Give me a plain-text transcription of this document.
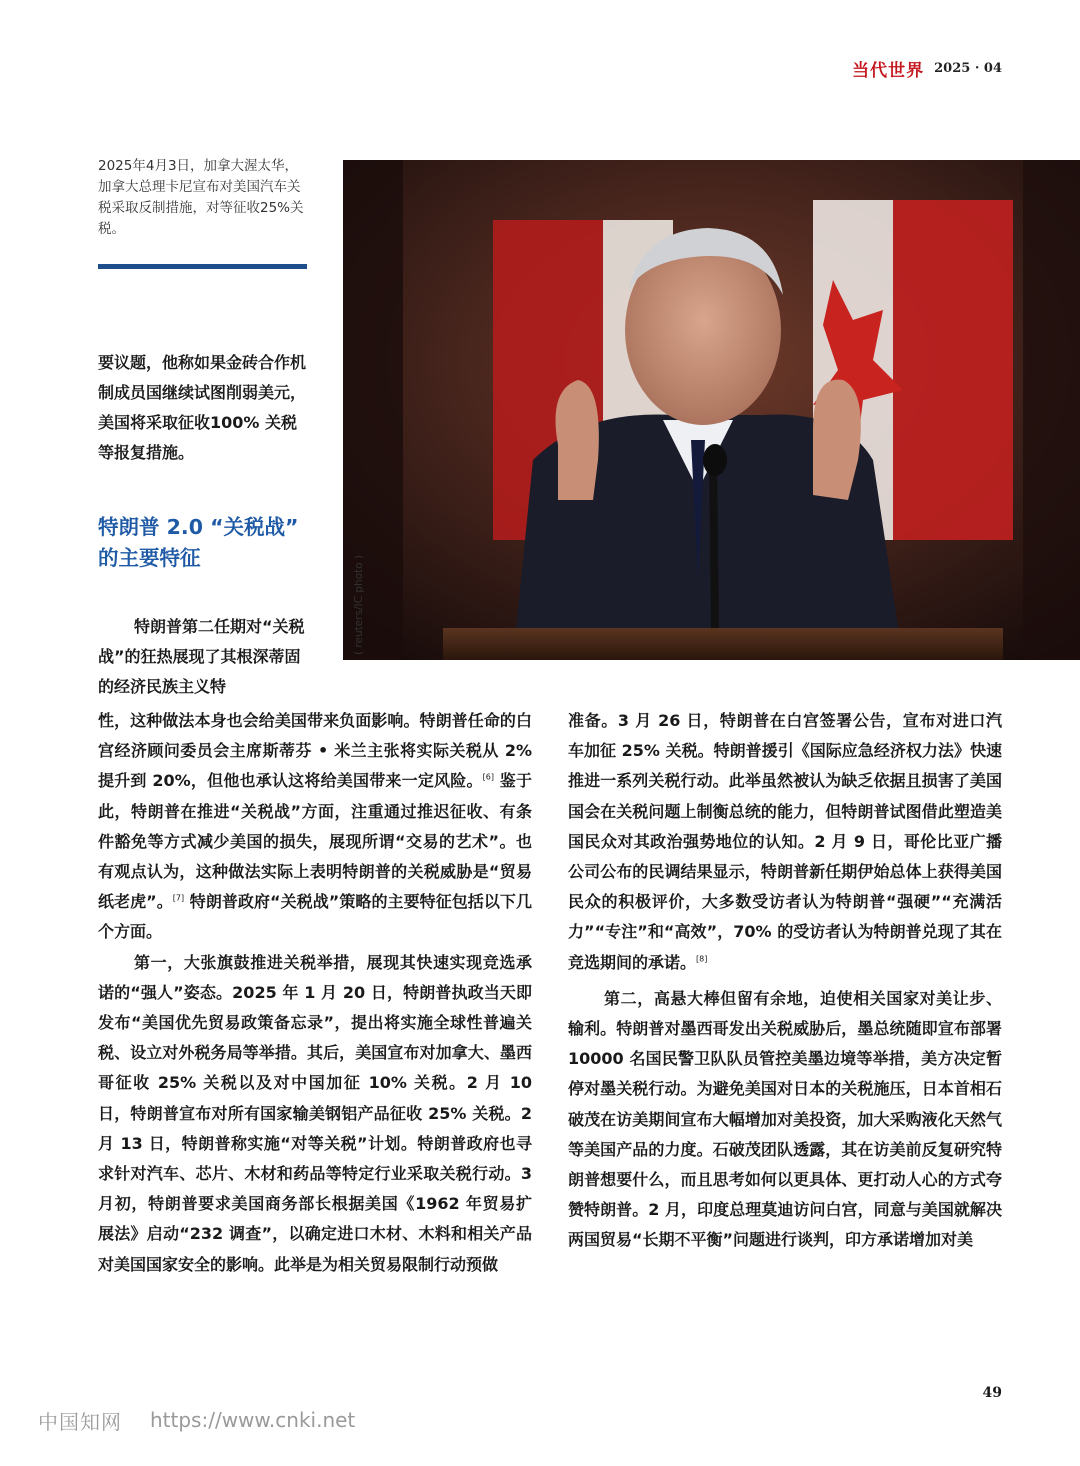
当代世界 2025 · 04
2025年4月3日，加拿大渥太华，加拿大总理卡尼宣布对美国汽车关税采取反制措施，对等征收25%关税。
( reuters/IC photo )

要议题，他称如果金砖合作机制成员国继续试图削弱美元，美国将采取征收100% 关税等报复措施。

特朗普 2.0 “关税战”
的主要特征

特朗普第二任期对“关税战”的狂热展现了其根深蒂固的经济民族主义特

性，这种做法本身也会给美国带来负面影响。特朗普任命的白宫经济顾问委员会主席斯蒂芬 • 米兰主张将实际关税从 2% 提升到 20%，但他也承认这将给美国带来一定风险。[6] 鉴于此，特朗普在推进“关税战”方面，注重通过推迟征收、有条件豁免等方式减少美国的损失，展现所谓“交易的艺术”。也有观点认为，这种做法实际上表明特朗普的关税威胁是“贸易纸老虎”。[7] 特朗普政府“关税战”策略的主要特征包括以下几个方面。

第一，大张旗鼓推进关税举措，展现其快速实现竞选承诺的“强人”姿态。2025 年 1 月 20 日，特朗普执政当天即发布“美国优先贸易政策备忘录”，提出将实施全球性普遍关税、设立对外税务局等举措。其后，美国宣布对加拿大、墨西哥征收 25% 关税以及对中国加征 10% 关税。2 月 10 日，特朗普宣布对所有国家输美钢铝产品征收 25% 关税。2 月 13 日，特朗普称实施“对等关税”计划。特朗普政府也寻求针对汽车、芯片、木材和药品等特定行业采取关税行动。3 月初，特朗普要求美国商务部长根据美国《1962 年贸易扩展法》启动“232 调查”，以确定进口木材、木料和相关产品对美国国家安全的影响。此举是为相关贸易限制行动预做

准备。3 月 26 日，特朗普在白宫签署公告，宣布对进口汽车加征 25% 关税。特朗普援引《国际应急经济权力法》快速推进一系列关税行动。此举虽然被认为缺乏依据且损害了美国国会在关税问题上制衡总统的能力，但特朗普试图借此塑造美国民众对其政治强势地位的认知。2 月 9 日，哥伦比亚广播公司公布的民调结果显示，特朗普新任期伊始总体上获得美国民众的积极评价，大多数受访者认为特朗普“强硬”“充满活力”“专注”和“高效”，70% 的受访者认为特朗普兑现了其在竞选期间的承诺。[8]

第二，高悬大棒但留有余地，迫使相关国家对美让步、输利。特朗普对墨西哥发出关税威胁后，墨总统随即宣布部署 10000 名国民警卫队队员管控美墨边境等举措，美方决定暂停对墨关税行动。为避免美国对日本的关税施压，日本首相石破茂在访美期间宣布大幅增加对美投资，加大采购液化天然气等美国产品的力度。石破茂团队透露，其在访美前反复研究特朗普想要什么，而且思考如何以更具体、更打动人心的方式夸赞特朗普。2 月，印度总理莫迪访问白宫，同意与美国就解决两国贸易“长期不平衡”问题进行谈判，印方承诺增加对美

49
中国知网 https://www.cnki.net
